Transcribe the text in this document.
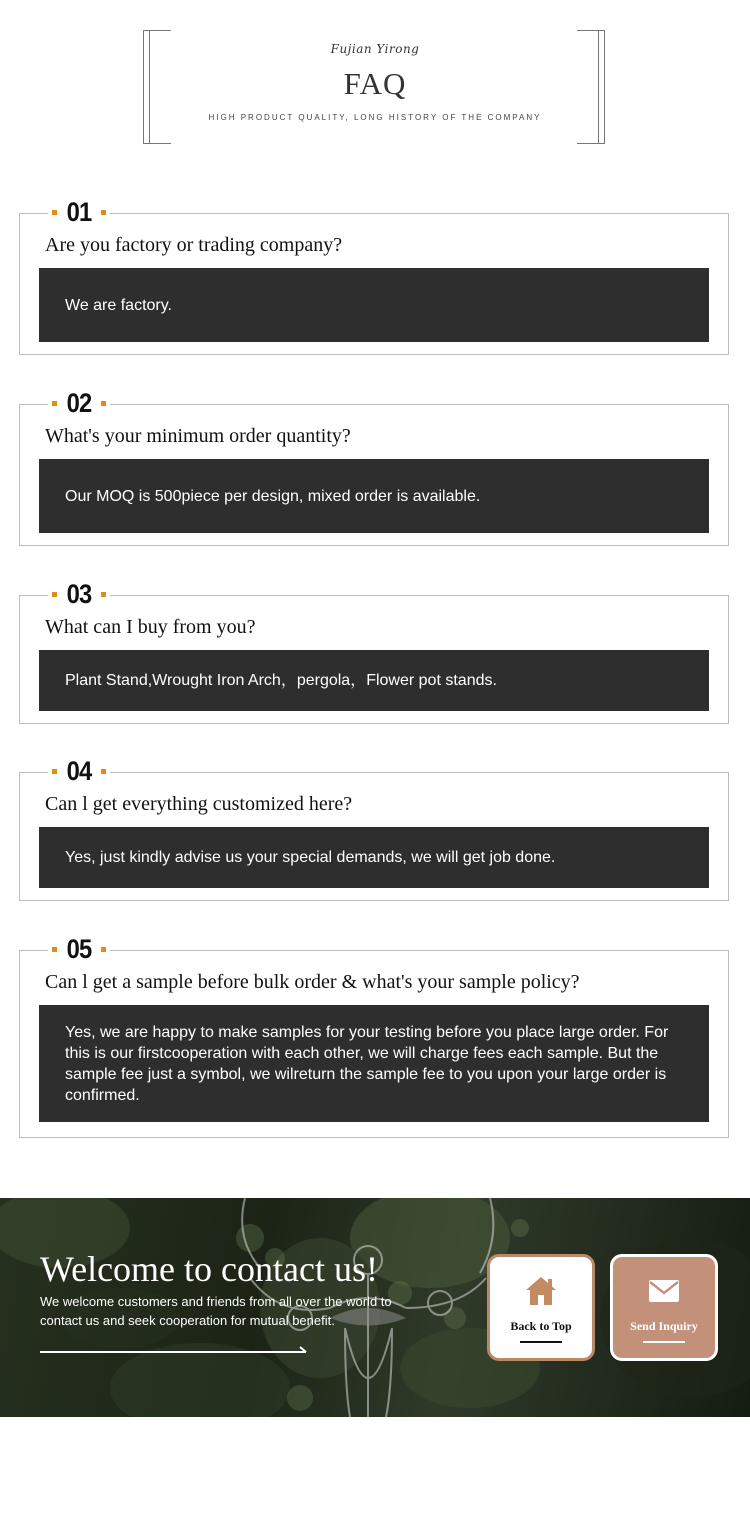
Fujian Yirong
FAQ
HIGH PRODUCT QUALITY, LONG HISTORY OF THE COMPANY
01
Are you factory or trading company?
We are factory.
02
What's your minimum order quantity?
Our MOQ is 500piece per design, mixed order is available.
03
What can I buy from you?
Plant Stand,Wrought Iron Arch，pergola，Flower pot stands.
04
Can l get everything customized here?
Yes, just kindly advise us your special demands, we will get job done.
05
Can l get a sample before bulk order & what's your sample policy?
Yes, we are happy to make samples for your testing before you place large order. For this is our firstcooperation with each other, we will charge fees each sample. But the sample fee just a symbol, we wilreturn the sample fee to you upon your large order is confirmed.
Welcome to contact us!
We welcome customers and friends from all over the world to contact us and seek cooperation for mutual benefit.	Back to Top	Send Inquiry
